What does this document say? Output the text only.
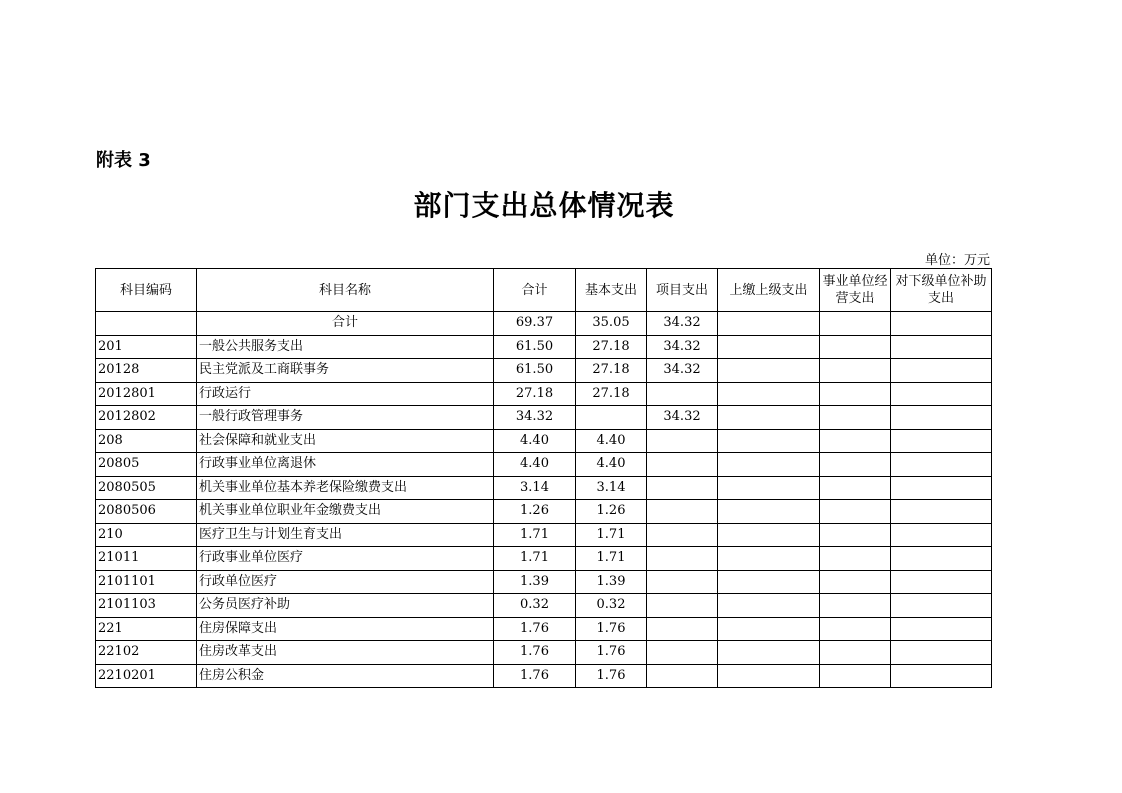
附表 3
部门支出总体情况表
单位：万元
科目编码	科目名称	合计	基本支出	项目支出	上缴上级支出	事业单位经营支出	对下级单位补助支出
	合计	69.37	35.05	34.32			
201	一般公共服务支出	61.50	27.18	34.32			
20128	民主党派及工商联事务	61.50	27.18	34.32			
2012801	行政运行	27.18	27.18				
2012802	一般行政管理事务	34.32		34.32			
208	社会保障和就业支出	4.40	4.40				
20805	行政事业单位离退休	4.40	4.40				
2080505	机关事业单位基本养老保险缴费支出	3.14	3.14				
2080506	机关事业单位职业年金缴费支出	1.26	1.26				
210	医疗卫生与计划生育支出	1.71	1.71				
21011	行政事业单位医疗	1.71	1.71				
2101101	行政单位医疗	1.39	1.39				
2101103	公务员医疗补助	0.32	0.32				
221	住房保障支出	1.76	1.76				
22102	住房改革支出	1.76	1.76				
2210201	住房公积金	1.76	1.76				
